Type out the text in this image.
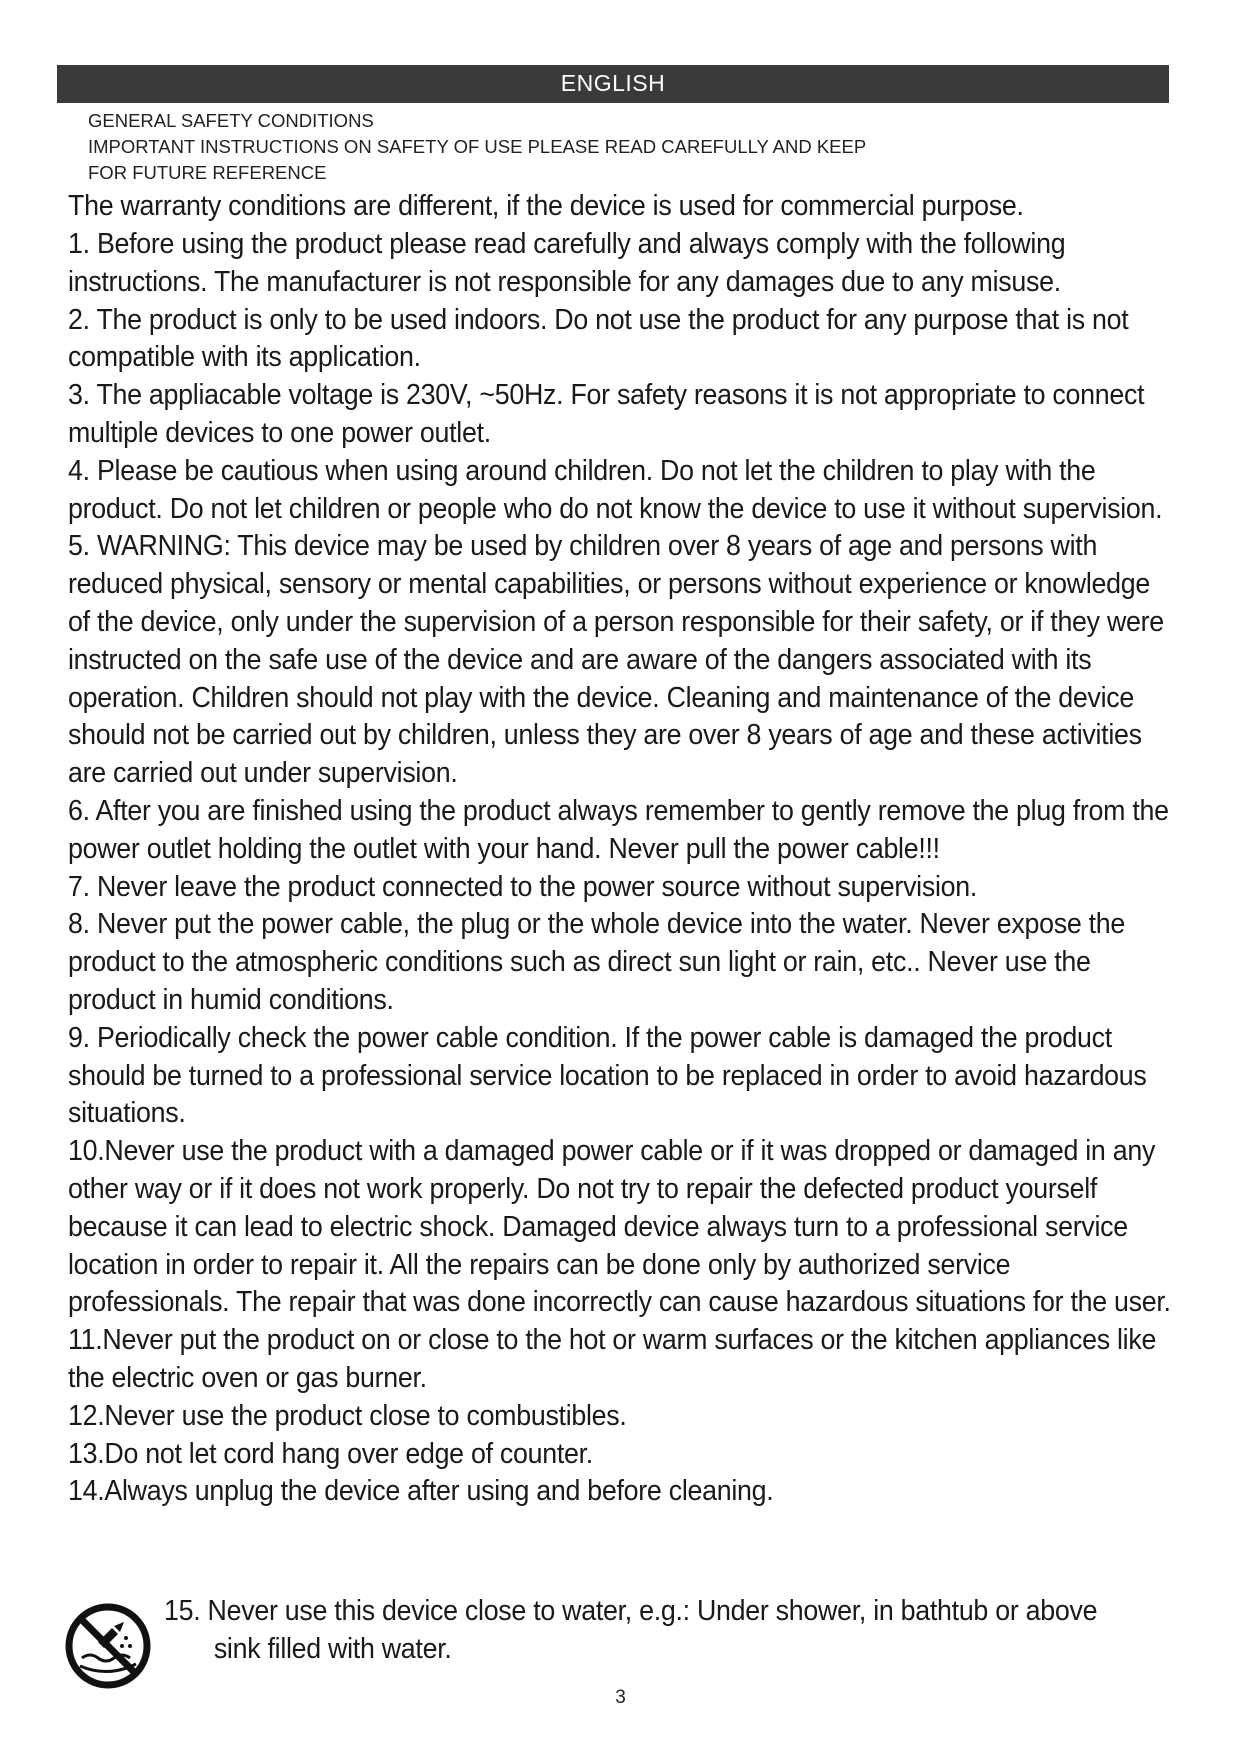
ENGLISH
GENERAL SAFETY CONDITIONS
IMPORTANT INSTRUCTIONS ON SAFETY OF USE PLEASE READ CAREFULLY AND KEEP
FOR FUTURE REFERENCE
The warranty conditions are different, if the device is used for commercial purpose.

1. Before using the product please read carefully and always comply with the following instructions. The manufacturer is not responsible for any damages due to any misuse.

2. The product is only to be used indoors. Do not use the product for any purpose that is not compatible with its application.

3. The appliacable voltage is 230V, ~50Hz. For safety reasons it is not appropriate to connect multiple devices to one power outlet.

4. Please be cautious when using around children. Do not let the children to play with the product. Do not let children or people who do not know the device to use it without supervision.

5. WARNING: This device may be used by children over 8 years of age and persons with reduced physical, sensory or mental capabilities, or persons without experience or knowledge of the device, only under the supervision of a person responsible for their safety, or if they were instructed on the safe use of the device and are aware of the dangers associated with its operation. Children should not play with the device. Cleaning and maintenance of the device should not be carried out by children, unless they are over 8 years of age and these activities are carried out under supervision.

6. After you are finished using the product always remember to gently remove the plug from the power outlet holding the outlet with your hand. Never pull the power cable!!!

7. Never leave the product connected to the power source without supervision.

8. Never put the power cable, the plug or the whole device into the water. Never expose the product to the atmospheric conditions such as direct sun light or rain, etc.. Never use the product in humid conditions.

9. Periodically check the power cable condition. If the power cable is damaged the product should be turned to a professional service location to be replaced in order to avoid hazardous situations.

10.Never use the product with a damaged power cable or if it was dropped or damaged in any other way or if it does not work properly. Do not try to repair the defected product yourself because it can lead to electric shock. Damaged device always turn to a professional service location in order to repair it. All the repairs can be done only by authorized service professionals. The repair that was done incorrectly can cause hazardous situations for the user.

11.Never put the product on or close to the hot or warm surfaces or the kitchen appliances like the electric oven or gas burner.

12.Never use the product close to combustibles.

13.Do not let cord hang over edge of counter.

14.Always unplug the device after using and before cleaning.

15. Never use this device close to water, e.g.: Under shower, in bathtub or above
sink filled with water.
3
